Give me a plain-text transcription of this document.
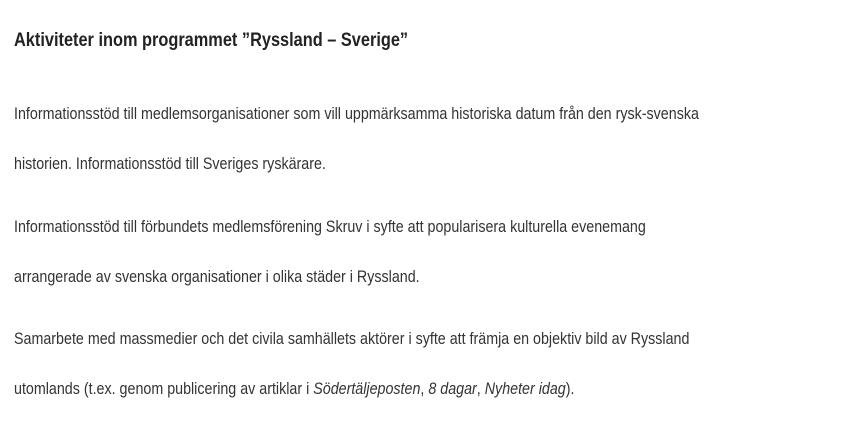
Aktiviteter inom programmet ”Ryssland – Sverige”

Informationsstöd till medlemsorganisationer som vill uppmärksamma historiska datum från den rysk-svenska
historien. Informationsstöd till Sveriges ryskärare.

Informationsstöd till förbundets medlemsförening Skruv i syfte att popularisera kulturella evenemang
arrangerade av svenska organisationer i olika städer i Ryssland.

Samarbete med massmedier och det civila samhällets aktörer i syfte att främja en objektiv bild av Ryssland
utomlands (t.ex. genom publicering av artiklar i Södertäljeposten, 8 dagar, Nyheter idag).
